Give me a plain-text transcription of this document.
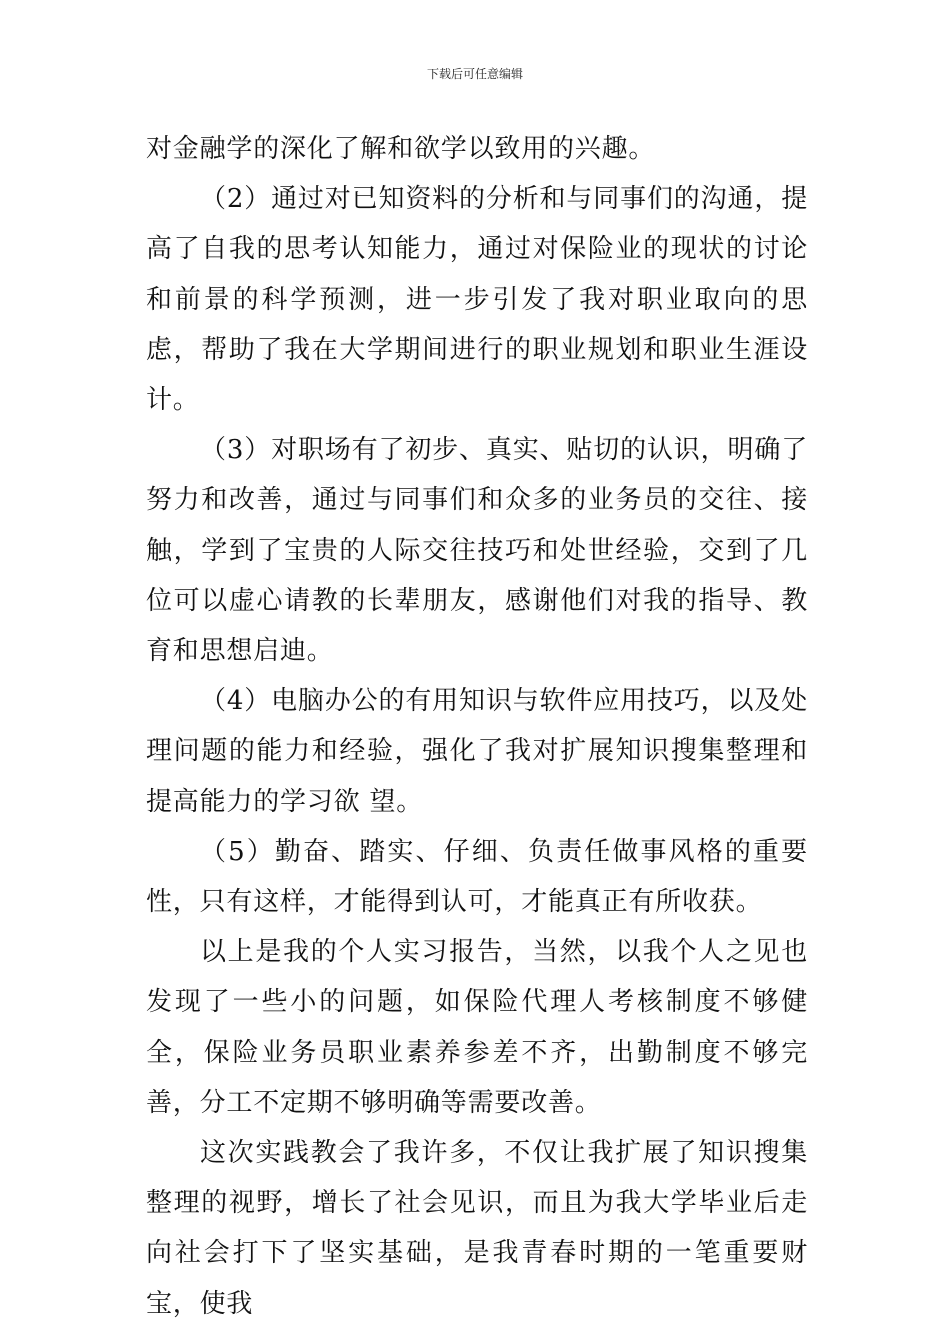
下载后可任意编辑

对金融学的深化了解和欲学以致用的兴趣。

（2）通过对已知资料的分析和与同事们的沟通，提高了自我的思考认知能力，通过对保险业的现状的讨论和前景的科学预测，进一步引发了我对职业取向的思虑，帮助了我在大学期间进行的职业规划和职业生涯设计。

（3）对职场有了初步、真实、贴切的认识，明确了努力和改善，通过与同事们和众多的业务员的交往、接触，学到了宝贵的人际交往技巧和处世经验，交到了几位可以虚心请教的长辈朋友，感谢他们对我的指导、教育和思想启迪。

（4）电脑办公的有用知识与软件应用技巧，以及处理问题的能力和经验，强化了我对扩展知识搜集整理和提高能力的学习欲 望。

（5）勤奋、踏实、仔细、负责任做事风格的重要性，只有这样，才能得到认可，才能真正有所收获。

以上是我的个人实习报告，当然，以我个人之见也发现了一些小的问题，如保险代理人考核制度不够健全，保险业务员职业素养参差不齐，出勤制度不够完善，分工不定期不够明确等需要改善。

这次实践教会了我许多，不仅让我扩展了知识搜集整理的视野，增长了社会见识，而且为我大学毕业后走向社会打下了坚实基础，是我青春时期的一笔重要财宝，使我
